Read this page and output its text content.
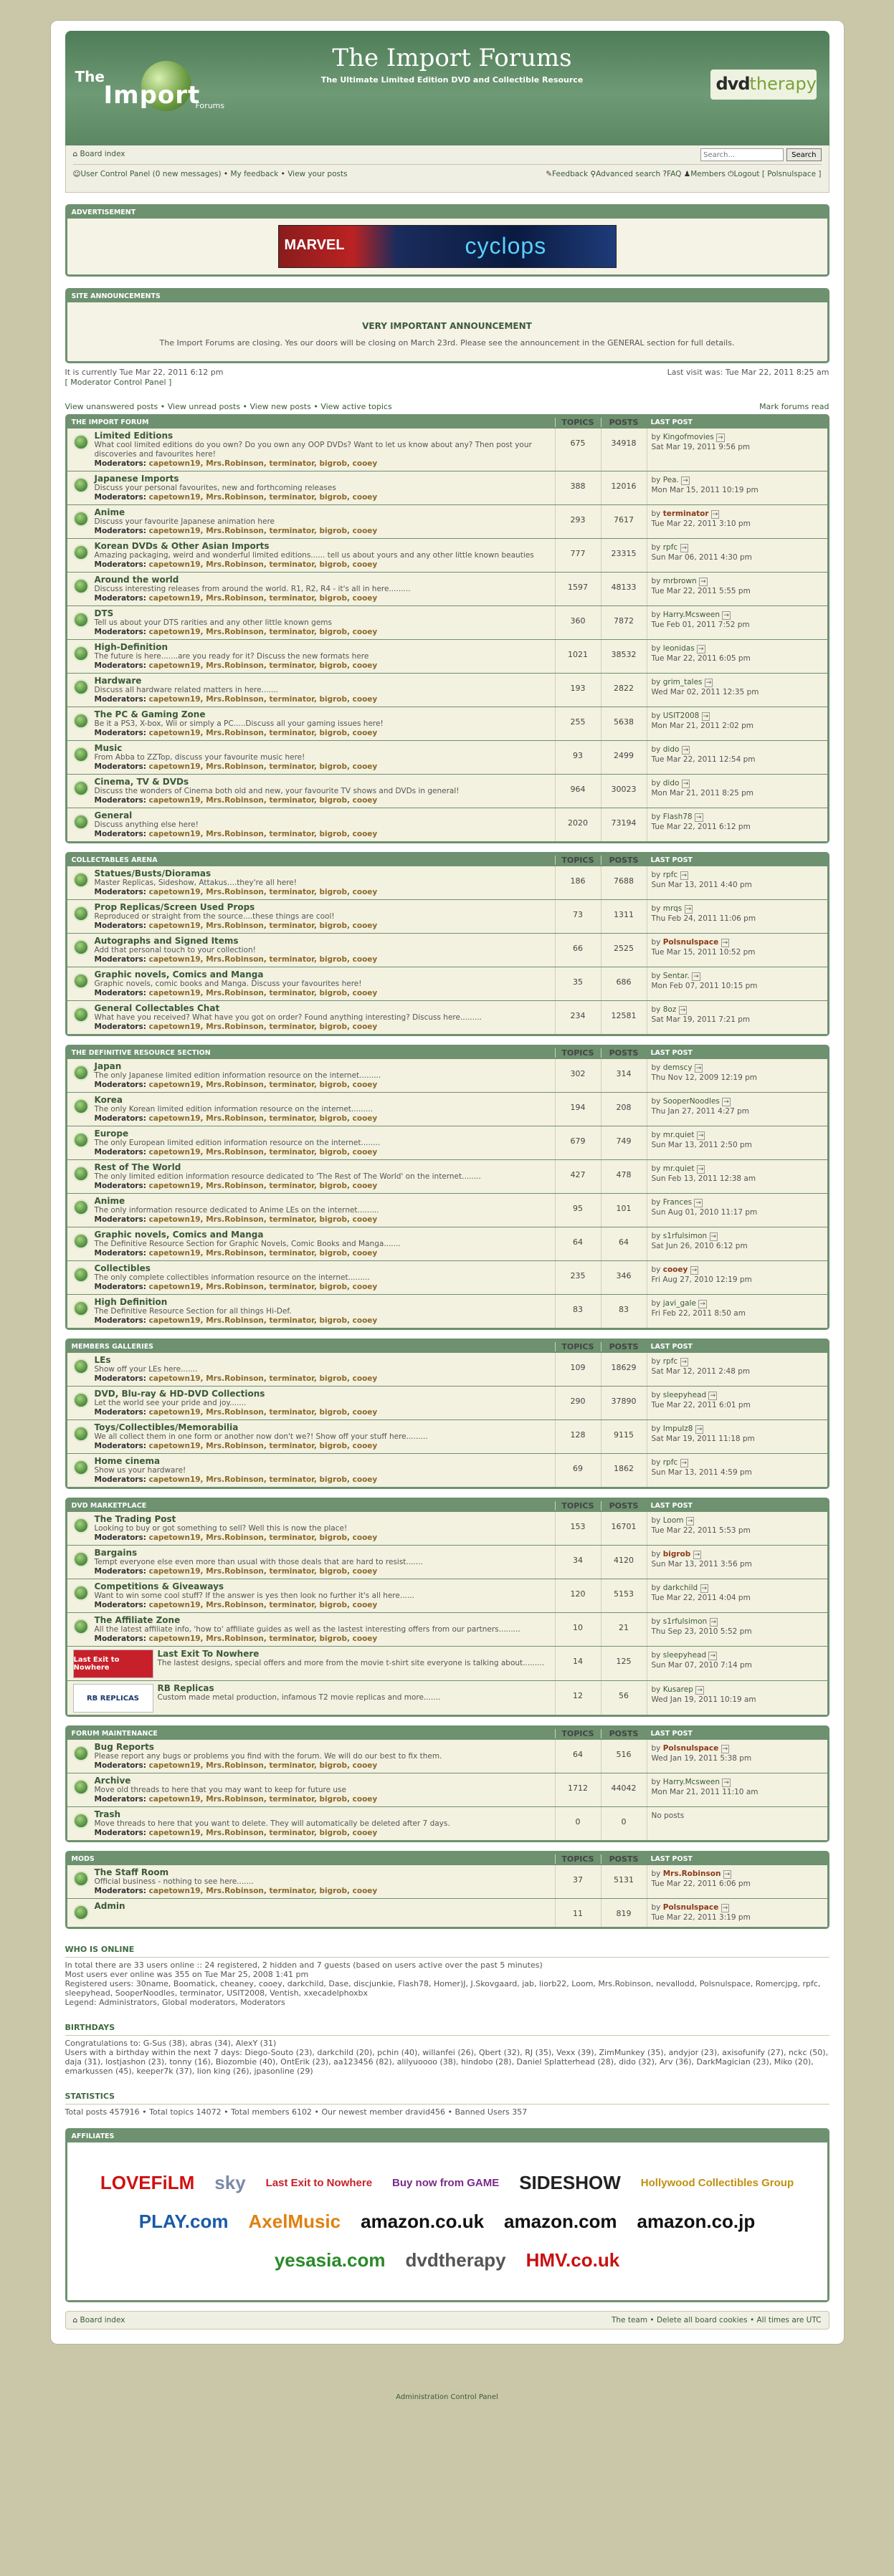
The
Import
Forums
The Import Forums
The Ultimate Limited Edition DVD and Collectible Resource	dvdtherapy
⌂ Board index
Search...	Search
☺User Control Panel (0 new messages) • My feedback • View your posts	✎Feedback ⚲Advanced search ?FAQ ♟Members ⏻Logout [ Polsnulspace ]
ADVERTISEMENT
MARVEL	cyclops
SITE ANNOUNCEMENTS
VERY IMPORTANT ANNOUNCEMENT

The Import Forums are closing. Yes our doors will be closing on March 23rd. Please see the announcement in the GENERAL section for full details.

It is currently Tue Mar 22, 2011 6:12 pm
[ Moderator Control Panel ]
Last visit was: Tue Mar 22, 2011 8:25 am
View unanswered posts • View unread posts • View new posts • View active topics	Mark forums read
THE IMPORT FORUM	TOPICS	POSTS	LAST POST
Limited Editions
What cool limited editions do you own? Do you own any OOP DVDs? Want to let us know about any? Then post your discoveries and favourites here!
Moderators: capetown19, Mrs.Robinson, terminator, bigrob, cooey
675	34918
by Kingofmovies →
Sat Mar 19, 2011 9:56 pm
Japanese Imports
Discuss your personal favourites, new and forthcoming releases
Moderators: capetown19, Mrs.Robinson, terminator, bigrob, cooey
388	12016
by Pea. →
Mon Mar 15, 2011 10:19 pm
Anime
Discuss your favourite Japanese animation here
Moderators: capetown19, Mrs.Robinson, terminator, bigrob, cooey
293	7617
by terminator →
Tue Mar 22, 2011 3:10 pm
Korean DVDs & Other Asian Imports
Amazing packaging, weird and wonderful limited editions...... tell us about yours and any other little known beauties
Moderators: capetown19, Mrs.Robinson, terminator, bigrob, cooey
777	23315
by rpfc →
Sun Mar 06, 2011 4:30 pm
Around the world
Discuss interesting releases from around the world. R1, R2, R4 - it's all in here.........
Moderators: capetown19, Mrs.Robinson, terminator, bigrob, cooey
1597	48133
by mrbrown →
Tue Mar 22, 2011 5:55 pm
DTS
Tell us about your DTS rarities and any other little known gems
Moderators: capetown19, Mrs.Robinson, terminator, bigrob, cooey
360	7872
by Harry.Mcsween →
Tue Feb 01, 2011 7:52 pm
High-Definition
The future is here.......are you ready for it? Discuss the new formats here
Moderators: capetown19, Mrs.Robinson, terminator, bigrob, cooey
1021	38532
by leonidas →
Tue Mar 22, 2011 6:05 pm
Hardware
Discuss all hardware related matters in here.......
Moderators: capetown19, Mrs.Robinson, terminator, bigrob, cooey
193	2822
by grim_tales →
Wed Mar 02, 2011 12:35 pm
The PC & Gaming Zone
Be it a PS3, X-box, Wii or simply a PC.....Discuss all your gaming issues here!
Moderators: capetown19, Mrs.Robinson, terminator, bigrob, cooey
255	5638
by USIT2008 →
Mon Mar 21, 2011 2:02 pm
Music
From Abba to ZZTop, discuss your favourite music here!
Moderators: capetown19, Mrs.Robinson, terminator, bigrob, cooey
93	2499
by dido →
Tue Mar 22, 2011 12:54 pm
Cinema, TV & DVDs
Discuss the wonders of Cinema both old and new, your favourite TV shows and DVDs in general!
Moderators: capetown19, Mrs.Robinson, terminator, bigrob, cooey
964	30023
by dido →
Mon Mar 21, 2011 8:25 pm
General
Discuss anything else here!
Moderators: capetown19, Mrs.Robinson, terminator, bigrob, cooey
2020	73194
by Flash78 →
Tue Mar 22, 2011 6:12 pm
COLLECTABLES ARENA	TOPICS	POSTS	LAST POST
Statues/Busts/Dioramas
Master Replicas, Sideshow, Attakus....they're all here!
Moderators: capetown19, Mrs.Robinson, terminator, bigrob, cooey
186	7688
by rpfc →
Sun Mar 13, 2011 4:40 pm
Prop Replicas/Screen Used Props
Reproduced or straight from the source....these things are cool!
Moderators: capetown19, Mrs.Robinson, terminator, bigrob, cooey
73	1311
by mrqs →
Thu Feb 24, 2011 11:06 pm
Autographs and Signed Items
Add that personal touch to your collection!
Moderators: capetown19, Mrs.Robinson, terminator, bigrob, cooey
66	2525
by Polsnulspace →
Tue Mar 15, 2011 10:52 pm
Graphic novels, Comics and Manga
Graphic novels, comic books and Manga. Discuss your favourites here!
Moderators: capetown19, Mrs.Robinson, terminator, bigrob, cooey
35	686
by Sentar. →
Mon Feb 07, 2011 10:15 pm
General Collectables Chat
What have you received? What have you got on order? Found anything interesting? Discuss here.........
Moderators: capetown19, Mrs.Robinson, terminator, bigrob, cooey
234	12581
by 8oz →
Sat Mar 19, 2011 7:21 pm
THE DEFINITIVE RESOURCE SECTION	TOPICS	POSTS	LAST POST
Japan
The only Japanese limited edition information resource on the internet.........
Moderators: capetown19, Mrs.Robinson, terminator, bigrob, cooey
302	314
by demscy →
Thu Nov 12, 2009 12:19 pm
Korea
The only Korean limited edition information resource on the internet.........
Moderators: capetown19, Mrs.Robinson, terminator, bigrob, cooey
194	208
by SooperNoodles →
Thu Jan 27, 2011 4:27 pm
Europe
The only European limited edition information resource on the internet........
Moderators: capetown19, Mrs.Robinson, terminator, bigrob, cooey
679	749
by mr.quiet →
Sun Mar 13, 2011 2:50 pm
Rest of The World
The only limited edition information resource dedicated to 'The Rest of The World' on the internet........
Moderators: capetown19, Mrs.Robinson, terminator, bigrob, cooey
427	478
by mr.quiet →
Sun Feb 13, 2011 12:38 am
Anime
The only information resource dedicated to Anime LEs on the internet.........
Moderators: capetown19, Mrs.Robinson, terminator, bigrob, cooey
95	101
by Frances →
Sun Aug 01, 2010 11:17 pm
Graphic novels, Comics and Manga
The Definitive Resource Section for Graphic Novels, Comic Books and Manga.......
Moderators: capetown19, Mrs.Robinson, terminator, bigrob, cooey
64	64
by s1rfulsimon →
Sat Jun 26, 2010 6:12 pm
Collectibles
The only complete collectibles information resource on the internet.........
Moderators: capetown19, Mrs.Robinson, terminator, bigrob, cooey
235	346
by cooey →
Fri Aug 27, 2010 12:19 pm
High Definition
The Definitive Resource Section for all things Hi-Def.
Moderators: capetown19, Mrs.Robinson, terminator, bigrob, cooey
83	83
by javi_gale →
Fri Feb 22, 2011 8:50 am
MEMBERS GALLERIES	TOPICS	POSTS	LAST POST
LEs
Show off your LEs here.......
Moderators: capetown19, Mrs.Robinson, terminator, bigrob, cooey
109	18629
by rpfc →
Sat Mar 12, 2011 2:48 pm
DVD, Blu-ray & HD-DVD Collections
Let the world see your pride and joy.......
Moderators: capetown19, Mrs.Robinson, terminator, bigrob, cooey
290	37890
by sleepyhead →
Tue Mar 22, 2011 6:01 pm
Toys/Collectibles/Memorabilia
We all collect them in one form or another now don't we?! Show off your stuff here.........
Moderators: capetown19, Mrs.Robinson, terminator, bigrob, cooey
128	9115
by Impulz8 →
Sat Mar 19, 2011 11:18 pm
Home cinema
Show us your hardware!
Moderators: capetown19, Mrs.Robinson, terminator, bigrob, cooey
69	1862
by rpfc →
Sun Mar 13, 2011 4:59 pm
DVD MARKETPLACE	TOPICS	POSTS	LAST POST
The Trading Post
Looking to buy or got something to sell? Well this is now the place!
Moderators: capetown19, Mrs.Robinson, terminator, bigrob, cooey
153	16701
by Loom →
Tue Mar 22, 2011 5:53 pm
Bargains
Tempt everyone else even more than usual with those deals that are hard to resist.......
Moderators: capetown19, Mrs.Robinson, terminator, bigrob, cooey
34	4120
by bigrob →
Sun Mar 13, 2011 3:56 pm
Competitions & Giveaways
Want to win some cool stuff? If the answer is yes then look no further it's all here......
Moderators: capetown19, Mrs.Robinson, terminator, bigrob, cooey
120	5153
by darkchild →
Tue Mar 22, 2011 4:04 pm
The Affiliate Zone
All the latest affiliate info, 'how to' affiliate guides as well as the lastest interesting offers from our partners.........
Moderators: capetown19, Mrs.Robinson, terminator, bigrob, cooey
10	21
by s1rfulsimon →
Thu Sep 23, 2010 5:52 pm
Last Exit to Nowhere
Last Exit To Nowhere
The lastest designs, special offers and more from the movie t-shirt site everyone is talking about.........	14	125
by sleepyhead →
Sun Mar 07, 2010 7:14 pm
RB REPLICAS
RB Replicas
Custom made metal production, infamous T2 movie replicas and more.......	12	56
by Kusarep →
Wed Jan 19, 2011 10:19 am
FORUM MAINTENANCE	TOPICS	POSTS	LAST POST
Bug Reports
Please report any bugs or problems you find with the forum. We will do our best to fix them.
Moderators: capetown19, Mrs.Robinson, terminator, bigrob, cooey
64	516
by Polsnulspace →
Wed Jan 19, 2011 5:38 pm
Archive
Move old threads to here that you may want to keep for future use
Moderators: capetown19, Mrs.Robinson, terminator, bigrob, cooey
1712	44042
by Harry.Mcsween →
Mon Mar 21, 2011 11:10 am
Trash
Move threads to here that you want to delete. They will automatically be deleted after 7 days.
Moderators: capetown19, Mrs.Robinson, terminator, bigrob, cooey
0	0
No posts
MODS	TOPICS	POSTS	LAST POST
The Staff Room
Official business - nothing to see here.......
Moderators: capetown19, Mrs.Robinson, terminator, bigrob, cooey
37	5131
by Mrs.Robinson →
Tue Mar 22, 2011 6:06 pm
Admin
11	819
by Polsnulspace →
Tue Mar 22, 2011 3:19 pm
WHO IS ONLINE
In total there are 33 users online :: 24 registered, 2 hidden and 7 guests (based on users active over the past 5 minutes)
Most users ever online was 355 on Tue Mar 25, 2008 1:41 pm
Registered users: 30name, Boomatick, cheaney, cooey, darkchild, Dase, discjunkie, Flash78, Homer)J, J.Skovgaard, jab, liorb22, Loom, Mrs.Robinson, nevallodd, Polsnulspace, Romercjpg, rpfc, sleepyhead, SooperNoodles, terminator, USIT2008, Ventish, xxecadelphoxbx
Legend: Administrators, Global moderators, Moderators
BIRTHDAYS
Congratulations to: G-Sus (38), abras (34), AlexY (31)
Users with a birthday within the next 7 days: Diego-Souto (23), darkchild (20), pchin (40), willanfei (26), Qbert (32), RJ (35), Vexx (39), ZimMunkey (35), andyjor (23), axisofunify (27), nckc (50), daja (31), lostjashon (23), tonny (16), Biozombie (40), OntErik (23), aa123456 (82), alilyuoooo (38), hindobo (28), Daniel Splatterhead (28), dido (32), Arv (36), DarkMagician (23), Miko (20), emarkussen (45), keeper7k (37), lion king (26), jpasonline (29)
STATISTICS
Total posts 457916 • Total topics 14072 • Total members 6102 • Our newest member dravid456 • Banned Users 357
AFFILIATES
LOVEFiLM sky	Last Exit to Nowhere	Buy now from GAME SIDESHOW	Hollywood Collectibles Group
PLAY.com AxelMusic amazon.co.uk amazon.com amazon.co.jp
yesasia.com dvdtherapy HMV.co.uk
⌂ Board index	The team • Delete all board cookies • All times are UTC
Administration Control Panel
